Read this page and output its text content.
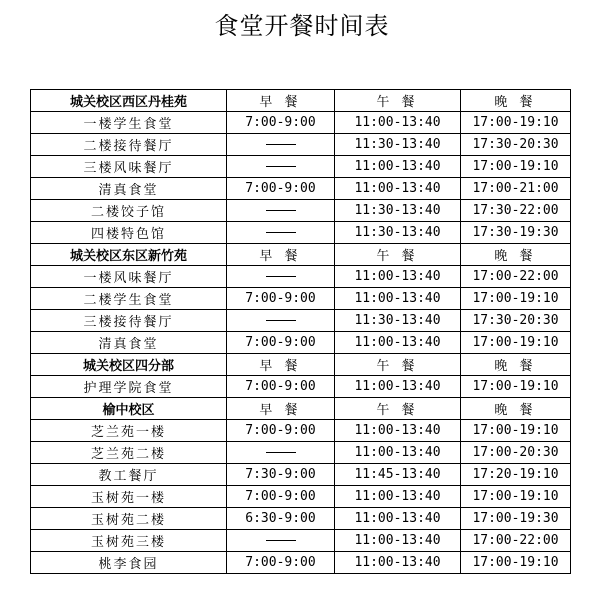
食堂开餐时间表
城关校区西区丹桂苑	早 餐	午 餐	晚 餐
一楼学生食堂	7:00-9:00	11:00-13:40	17:00-19:10
二楼接待餐厅		11:30-13:40	17:30-20:30
三楼风味餐厅		11:00-13:40	17:00-19:10
清真食堂	7:00-9:00	11:00-13:40	17:00-21:00
二楼饺子馆		11:30-13:40	17:30-22:00
四楼特色馆		11:30-13:40	17:30-19:30
城关校区东区新竹苑	早 餐	午 餐	晚 餐
一楼风味餐厅		11:00-13:40	17:00-22:00
二楼学生食堂	7:00-9:00	11:00-13:40	17:00-19:10
三楼接待餐厅		11:30-13:40	17:30-20:30
清真食堂	7:00-9:00	11:00-13:40	17:00-19:10
城关校区四分部	早 餐	午 餐	晚 餐
护理学院食堂	7:00-9:00	11:00-13:40	17:00-19:10
榆中校区	早 餐	午 餐	晚 餐
芝兰苑一楼	7:00-9:00	11:00-13:40	17:00-19:10
芝兰苑二楼		11:00-13:40	17:00-20:30
教工餐厅	7:30-9:00	11:45-13:40	17:20-19:10
玉树苑一楼	7:00-9:00	11:00-13:40	17:00-19:10
玉树苑二楼	6:30-9:00	11:00-13:40	17:00-19:30
玉树苑三楼		11:00-13:40	17:00-22:00
桃李食园	7:00-9:00	11:00-13:40	17:00-19:10
